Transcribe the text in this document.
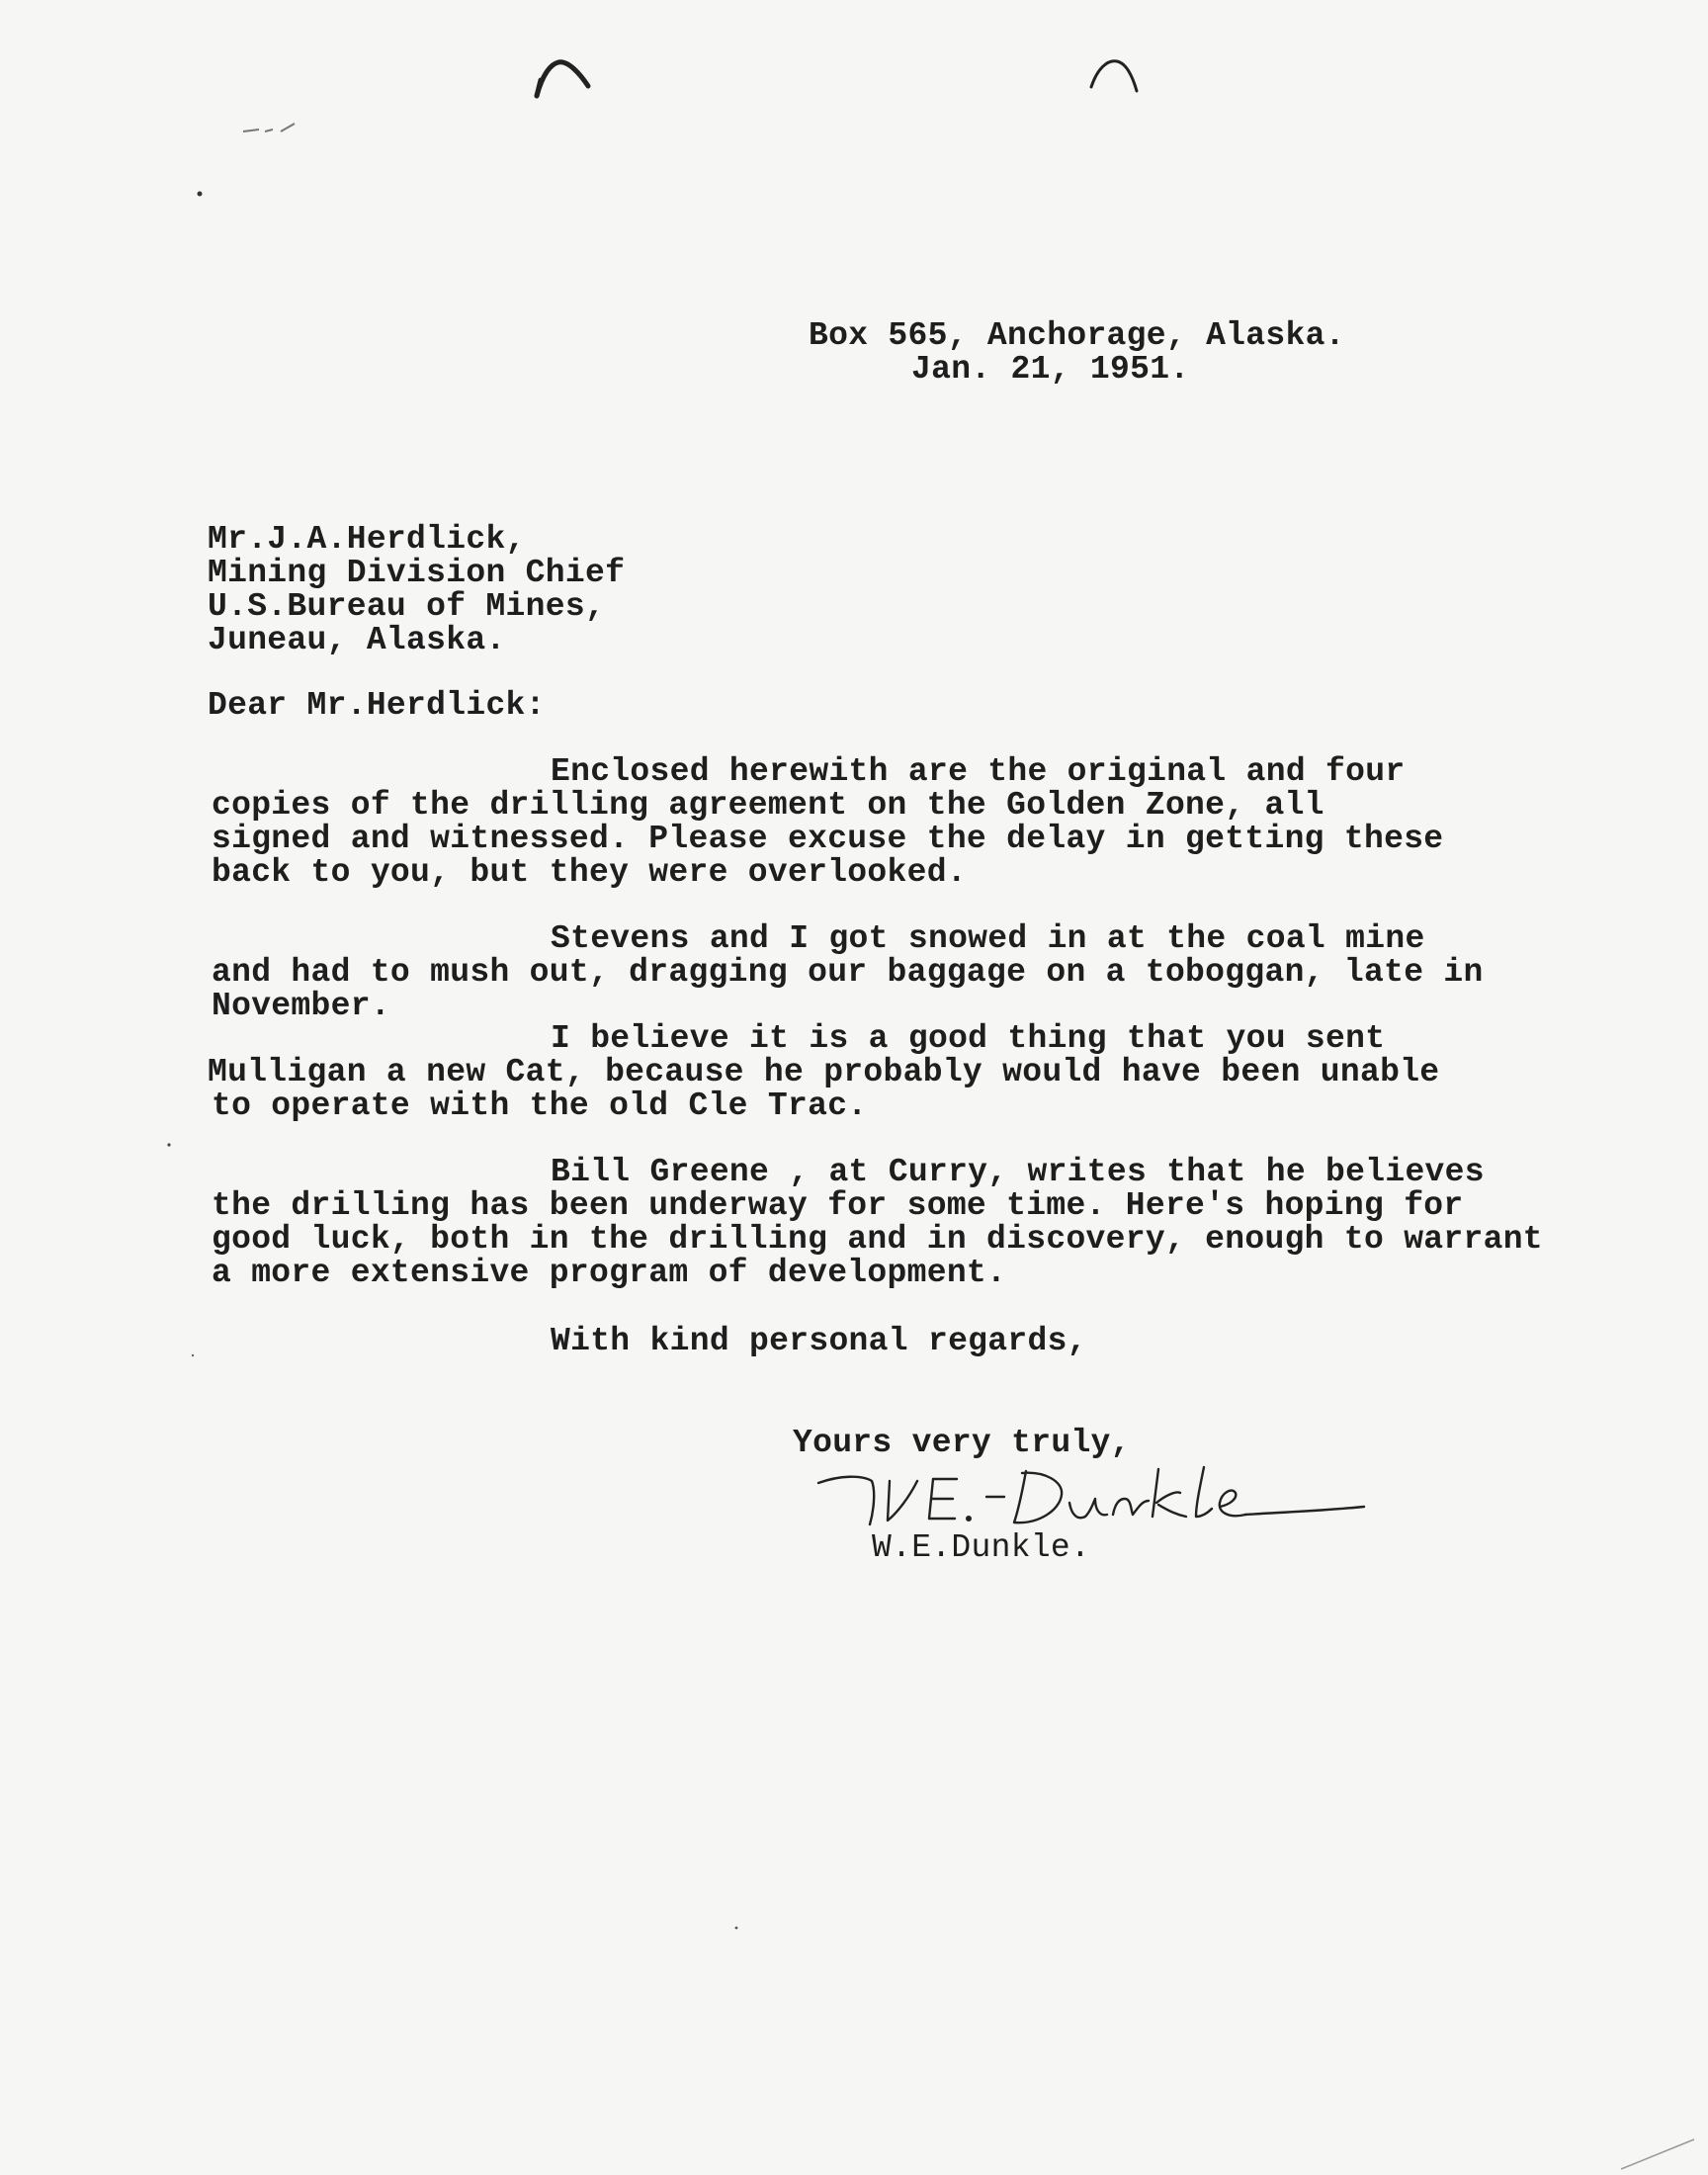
Box 565, Anchorage, Alaska.
Jan. 21, 1951.
Mr.J.A.Herdlick,
Mining Division Chief
U.S.Bureau of Mines,
Juneau, Alaska.
Dear Mr.Herdlick:
Enclosed herewith are the original and four
copies of the drilling agreement on the Golden Zone, all
signed and witnessed. Please excuse the delay in getting these
back to you, but they were overlooked.
Stevens and I got snowed in at the coal mine
and had to mush out, dragging our baggage on a toboggan, late in
November.
I believe it is a good thing that you sent
Mulligan a new Cat, because he probably would have been unable
to operate with the old Cle Trac.
Bill Greene , at Curry, writes that he believes
the drilling has been underway for some time. Here's hoping for
good luck, both in the drilling and in discovery, enough to warrant
a more extensive program of development.
With kind personal regards,
Yours very truly,
W.E.Dunkle.
